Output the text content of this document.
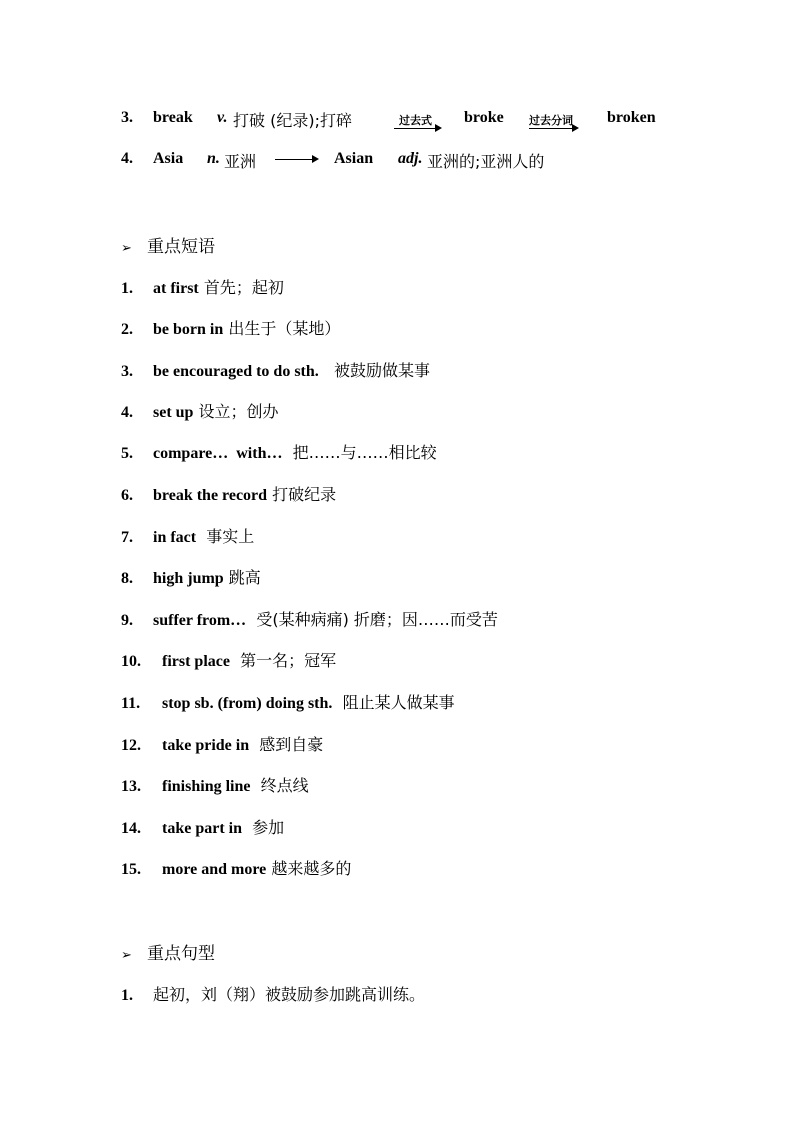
3. break v. 打破 (纪录);打碎	过去式 broke 过去分词 broken
4. Asia n. 亚洲	Asian adj. 亚洲的;亚洲人的
➢ 重点短语
1. at first 首先；起初
2. be born in 出生于（某地）
3. be encouraged to do sth.   被鼓励做某事
4. set up 设立；创办
5. compare…  with…  把……与……相比较
6. break the record 打破纪录
7. in fact  事实上
8. high jump 跳高
9. suffer from…  受(某种病痛) 折磨；因……而受苦
10. first place  第一名；冠军
11. stop sb. (from) doing sth.  阻止某人做某事
12. take pride in  感到自豪
13. finishing line  终点线
14. take part in  参加
15. more and more 越来越多的
➢ 重点句型
1. 起初，刘（翔）被鼓励参加跳高训练。
